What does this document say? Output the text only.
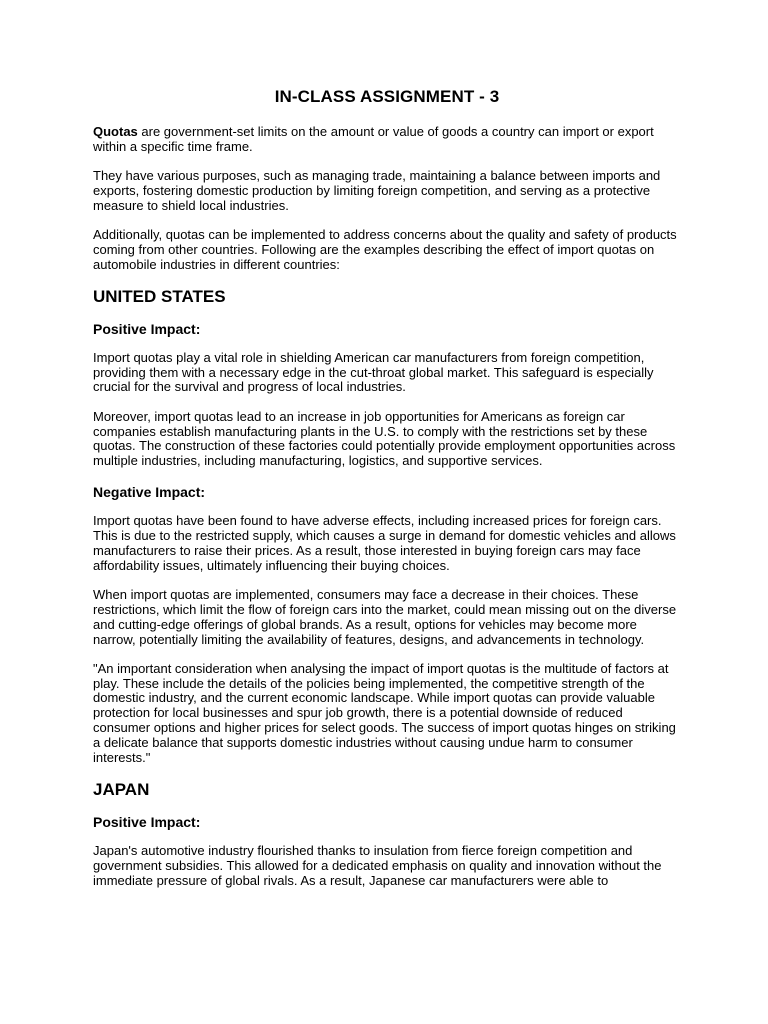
IN-CLASS ASSIGNMENT - 3

Quotas are government-set limits on the amount or value of goods a country can import or export within a specific time frame.

They have various purposes, such as managing trade, maintaining a balance between imports and exports, fostering domestic production by limiting foreign competition, and serving as a protective measure to shield local industries.

Additionally, quotas can be implemented to address concerns about the quality and safety of products coming from other countries. Following are the examples describing the effect of import quotas on automobile industries in different countries:

UNITED STATES
Positive Impact:

Import quotas play a vital role in shielding American car manufacturers from foreign competition, providing them with a necessary edge in the cut-throat global market. This safeguard is especially crucial for the survival and progress of local industries.

Moreover, import quotas lead to an increase in job opportunities for Americans as foreign car companies establish manufacturing plants in the U.S. to comply with the restrictions set by these quotas. The construction of these factories could potentially provide employment opportunities across multiple industries, including manufacturing, logistics, and supportive services.

Negative Impact:

Import quotas have been found to have adverse effects, including increased prices for foreign cars. This is due to the restricted supply, which causes a surge in demand for domestic vehicles and allows manufacturers to raise their prices. As a result, those interested in buying foreign cars may face affordability issues, ultimately influencing their buying choices.

When import quotas are implemented, consumers may face a decrease in their choices. These restrictions, which limit the flow of foreign cars into the market, could mean missing out on the diverse and cutting-edge offerings of global brands. As a result, options for vehicles may become more narrow, potentially limiting the availability of features, designs, and advancements in technology.

"An important consideration when analysing the impact of import quotas is the multitude of factors at play. These include the details of the policies being implemented, the competitive strength of the domestic industry, and the current economic landscape. While import quotas can provide valuable protection for local businesses and spur job growth, there is a potential downside of reduced consumer options and higher prices for select goods. The success of import quotas hinges on striking a delicate balance that supports domestic industries without causing undue harm to consumer interests."

JAPAN
Positive Impact:

Japan's automotive industry flourished thanks to insulation from fierce foreign competition and government subsidies. This allowed for a dedicated emphasis on quality and innovation without the immediate pressure of global rivals. As a result, Japanese car manufacturers were able to
